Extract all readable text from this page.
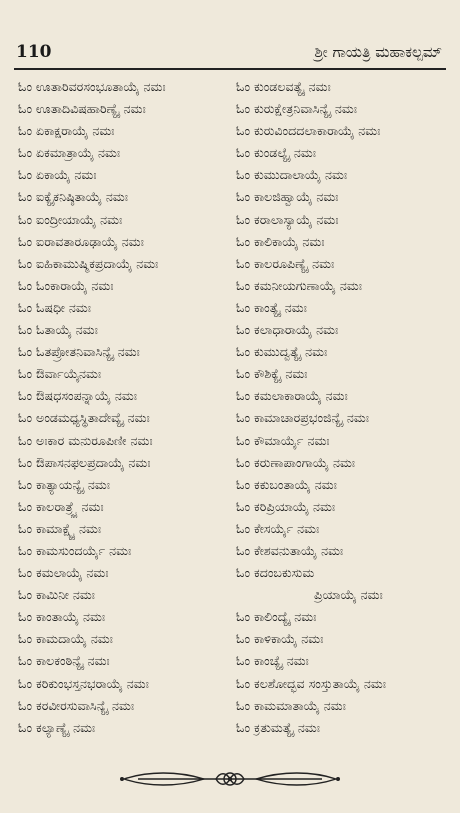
110	ಶ್ರೀ ಗಾಯತ್ರಿ ಮಹಾಕಲ್ಪಮ್
ಓಂ ಊತಾರಿವರಸಂಭೂತಾಯೈ ನಮಃ
ಓಂ ಊತಾದಿವಿಷಹಾರಿಣ್ಯೈ ನಮಃ
ಓಂ ಏಕಾಕ್ಷರಾಯೈ ನಮಃ
ಓಂ ಏಕಮಾತ್ರಾಯೈ ನಮಃ
ಓಂ ಏಕಾಯೈ ನಮಃ
ಓಂ ಐಕ್ಯೈಕನಿಷ್ಠಿತಾಯೈ ನಮಃ
ಓಂ ಐಂದ್ರೀಯಾಯೈ ನಮಃ
ಓಂ ಐರಾವತಾರೂಢಾಯೈ ನಮಃ
ಓಂ ಐಹಿಕಾಮುಷ್ಮಿಕಪ್ರದಾಯೈ ನಮಃ
ಓಂ ಓಂಕಾರಾಯೈ ನಮಃ
ಓಂ ಓಷಧೀ ನಮಃ
ಓಂ ಓತಾಯೈ ನಮಃ
ಓಂ ಓತಪ್ರೋತನಿವಾಸಿನ್ಯೈ ನಮಃ
ಓಂ ಔರ್ವಾಯೈನಮಃ
ಓಂ ಔಷಧಸಂಪನ್ನಾಯೈ ನಮಃ
ಓಂ ಅಂಡಮಧ್ಯಸ್ಥಿತಾದೇವ್ಯೈ ನಮಃ
ಓಂ ಅಃಕಾರ ಮನುರೂಪಿಣೀ ನಮಃ
ಓಂ ಔಪಾಸನಫಲಪ್ರದಾಯೈ ನಮಃ
ಓಂ ಕಾತ್ಯಾಯನ್ಯೈ ನಮಃ
ಓಂ ಕಾಲರಾತ್ರ್ಯೈ ನಮಃ
ಓಂ ಕಾಮಾಕ್ಷ್ಯೈ ನಮಃ
ಓಂ ಕಾಮಸುಂದರ್ಯೈ ನಮಃ
ಓಂ ಕಮಲಾಯೈ ನಮಃ
ಓಂ ಕಾಮಿನೀ ನಮಃ
ಓಂ ಕಾಂತಾಯೈ ನಮಃ
ಓಂ ಕಾಮದಾಯೈ ನಮಃ
ಓಂ ಕಾಲಕಂಠಿನ್ಯೈ ನಮಃ
ಓಂ ಕರಿಕುಂಭಸ್ತನಭರಾಯೈ ನಮಃ
ಓಂ ಕರವೀರಸುವಾಸಿನ್ಯೈ ನಮಃ
ಓಂ ಕಲ್ಯಾಣ್ಯೈ ನಮಃ
ಓಂ ಕುಂಡಲವತ್ಯೈ ನಮಃ
ಓಂ ಕುರುಕ್ಷೇತ್ರನಿವಾಸಿನ್ಯೈ ನಮಃ
ಓಂ ಕುರುವಿಂದದಲಾಕಾರಾಯೈ ನಮಃ
ಓಂ ಕುಂಡಲ್ಯೈ ನಮಃ
ಓಂ ಕುಮುದಾಲಾಯೈ ನಮಃ
ಓಂ ಕಾಲಜಿಹ್ವಾಯೈ ನಮಃ
ಓಂ ಕರಾಲಾಸ್ಯಾಯೈ ನಮಃ
ಓಂ ಕಾಲಿಕಾಯೈ ನಮಃ
ಓಂ ಕಾಲರೂಪಿಣ್ಯೈ ನಮಃ
ಓಂ ಕಮನೀಯಗುಣಾಯೈ ನಮಃ
ಓಂ ಕಾಂತ್ಯೈ ನಮಃ
ಓಂ ಕಲಾಧಾರಾಯೈ ನಮಃ
ಓಂ ಕುಮುದ್ವತ್ಯೈ ನಮಃ
ಓಂ ಕೌಶಿಕ್ಯೈ ನಮಃ
ಓಂ ಕಮಲಾಕಾರಾಯೈ ನಮಃ
ಓಂ ಕಾಮಾಚಾರಪ್ರಭಂಜಿನ್ಯೈ ನಮಃ
ಓಂ ಕೌಮಾರ್ಯೈ ನಮಃ
ಓಂ ಕರುಣಾಪಾಂಗಾಯೈ ನಮಃ
ಓಂ ಕಕುಬಂತಾಯೈ ನಮಃ
ಓಂ ಕರಿಪ್ರಿಯಾಯೈ ನಮಃ
ಓಂ ಕೇಸರ್ಯೈ ನಮಃ
ಓಂ ಕೇಶವನುತಾಯೈ ನಮಃ
ಓಂ ಕದಂಬಕುಸುಮ
ಪ್ರಿಯಾಯೈ ನಮಃ
ಓಂ ಕಾಲಿಂದ್ಯೈ ನಮಃ
ಓಂ ಕಾಳಿಕಾಯೈ ನಮಃ
ಓಂ ಕಾಂಚ್ಯೈ ನಮಃ
ಓಂ ಕಲಶೋದ್ಭವ ಸಂಸ್ತುತಾಯೈ ನಮಃ
ಓಂ ಕಾಮಮಾತಾಯೈ ನಮಃ
ಓಂ ಕ್ರತುಮತ್ಯೈ ನಮಃ
